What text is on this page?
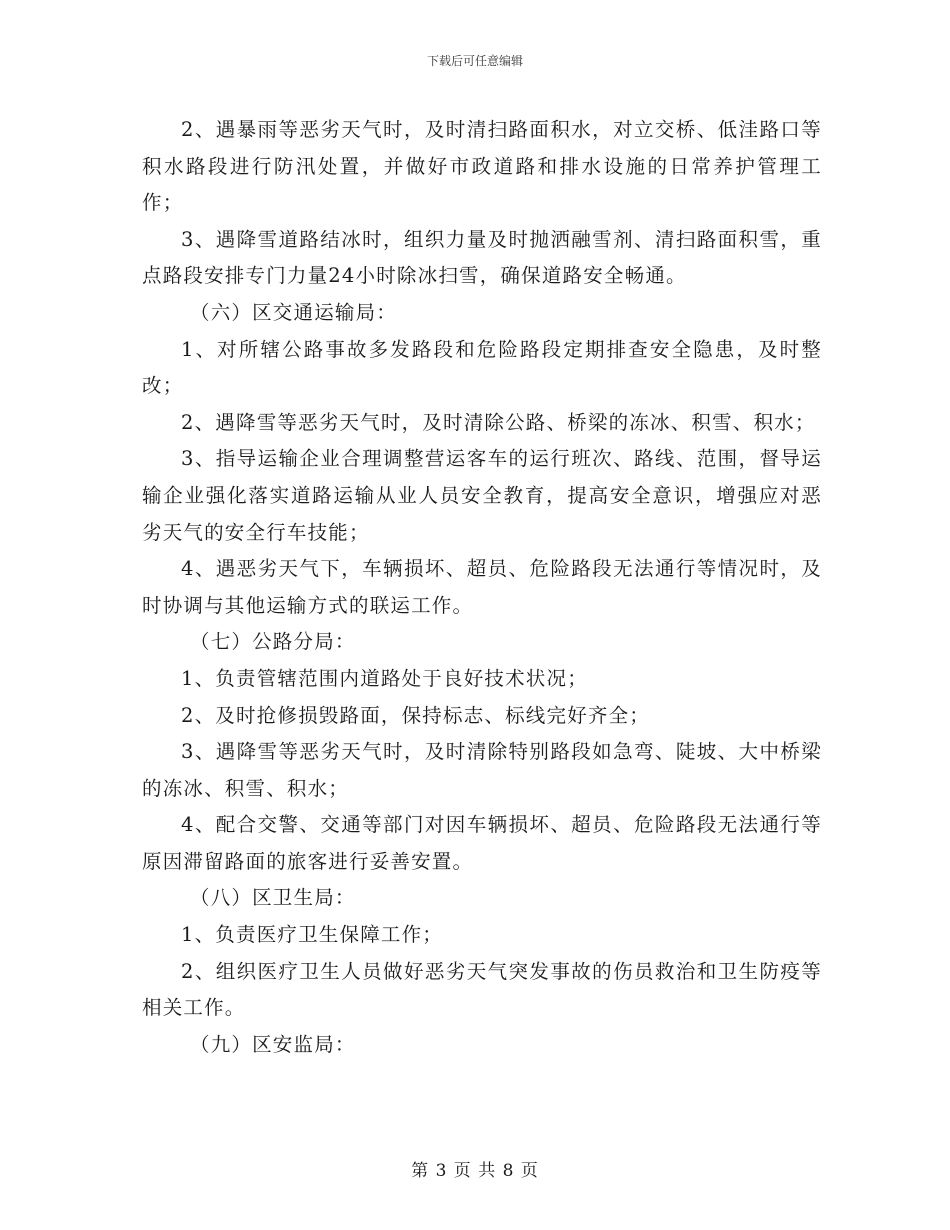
下载后可任意编辑

2、遇暴雨等恶劣天气时，及时清扫路面积水，对立交桥、低洼路口等积水路段进行防汛处置，并做好市政道路和排水设施的日常养护管理工作；

3、遇降雪道路结冰时，组织力量及时抛洒融雪剂、清扫路面积雪，重点路段安排专门力量24小时除冰扫雪，确保道路安全畅通。

（六）区交通运输局：

1、对所辖公路事故多发路段和危险路段定期排查安全隐患，及时整改；

2、遇降雪等恶劣天气时，及时清除公路、桥梁的冻冰、积雪、积水；

3、指导运输企业合理调整营运客车的运行班次、路线、范围，督导运输企业强化落实道路运输从业人员安全教育，提高安全意识，增强应对恶劣天气的安全行车技能；

4、遇恶劣天气下，车辆损坏、超员、危险路段无法通行等情况时，及时协调与其他运输方式的联运工作。

（七）公路分局：

1、负责管辖范围内道路处于良好技术状况；

2、及时抢修损毁路面，保持标志、标线完好齐全；

3、遇降雪等恶劣天气时，及时清除特别路段如急弯、陡坡、大中桥梁的冻冰、积雪、积水；

4、配合交警、交通等部门对因车辆损坏、超员、危险路段无法通行等原因滞留路面的旅客进行妥善安置。

（八）区卫生局：

1、负责医疗卫生保障工作；

2、组织医疗卫生人员做好恶劣天气突发事故的伤员救治和卫生防疫等相关工作。

（九）区安监局：

第 3 页 共 8 页
